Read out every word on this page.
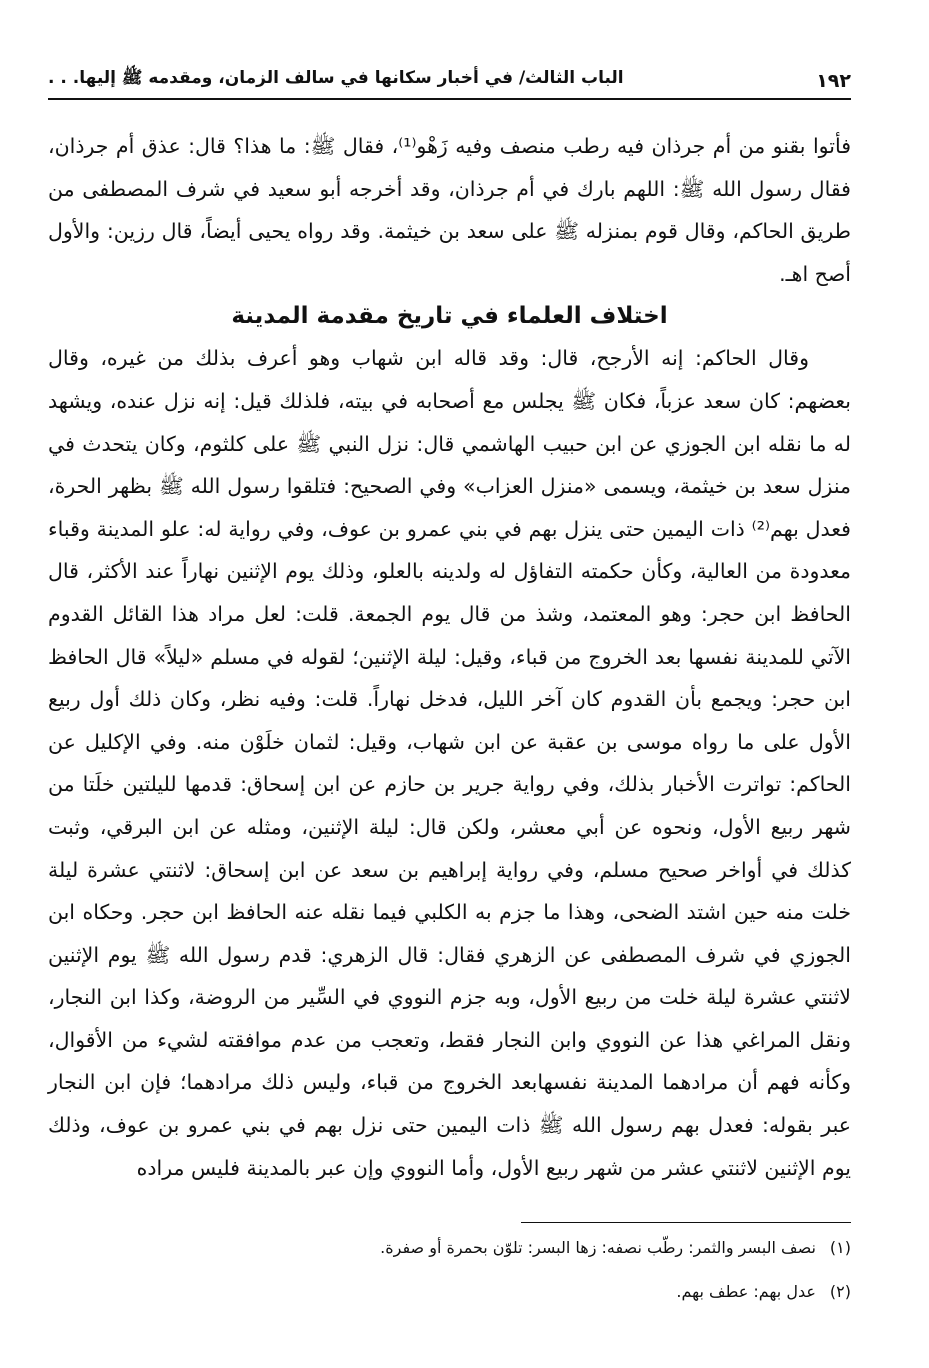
١٩٢
الباب الثالث/ في أخبار سكانها في سالف الزمان، ومقدمه ﷺ إليها. . .

فأتوا بقنو من أم جرذان فيه رطب منصف وفيه زَهْو⁽¹⁾، فقال ﷺ: ما هذا؟ قال: عذق أم جرذان، فقال رسول الله ﷺ: اللهم بارك في أم جرذان، وقد أخرجه أبو سعيد في شرف المصطفى من طريق الحاكم، وقال قوم بمنزله ﷺ على سعد بن خيثمة. وقد رواه يحيى أيضاً، قال رزين: والأول أصح اهـ.

اختلاف العلماء في تاريخ مقدمة المدينة

وقال الحاكم: إنه الأرجح، قال: وقد قاله ابن شهاب وهو أعرف بذلك من غيره، وقال بعضهم: كان سعد عزباً، فكان ﷺ يجلس مع أصحابه في بيته، فلذلك قيل: إنه نزل عنده، ويشهد له ما نقله ابن الجوزي عن ابن حبيب الهاشمي قال: نزل النبي ﷺ على كلثوم، وكان يتحدث في منزل سعد بن خيثمة، ويسمى «منزل العزاب» وفي الصحيح: فتلقوا رسول الله ﷺ بظهر الحرة، فعدل بهم⁽²⁾ ذات اليمين حتى ينزل بهم في بني عمرو بن عوف، وفي رواية له: علو المدينة وقباء معدودة من العالية، وكأن حكمته التفاؤل له ولدينه بالعلو، وذلك يوم الإثنين نهاراً عند الأكثر، قال الحافظ ابن حجر: وهو المعتمد، وشذ من قال يوم الجمعة. قلت: لعل مراد هذا القائل القدوم الآتي للمدينة نفسها بعد الخروج من قباء، وقيل: ليلة الإثنين؛ لقوله في مسلم «ليلاً» قال الحافظ ابن حجر: ويجمع بأن القدوم كان آخر الليل، فدخل نهاراً. قلت: وفيه نظر، وكان ذلك أول ربيع الأول على ما رواه موسى بن عقبة عن ابن شهاب، وقيل: لثمان خلَوْن منه. وفي الإكليل عن الحاكم: تواترت الأخبار بذلك، وفي رواية جرير بن حازم عن ابن إسحاق: قدمها لليلتين خلَتا من شهر ربيع الأول، ونحوه عن أبي معشر، ولكن قال: ليلة الإثنين، ومثله عن ابن البرقي، وثبت كذلك في أواخر صحيح مسلم، وفي رواية إبراهيم بن سعد عن ابن إسحاق: لاثنتي عشرة ليلة خلت منه حين اشتد الضحى، وهذا ما جزم به الكلبي فيما نقله عنه الحافظ ابن حجر. وحكاه ابن الجوزي في شرف المصطفى عن الزهري فقال: قال الزهري: قدم رسول الله ﷺ يوم الإثنين لاثنتي عشرة ليلة خلت من ربيع الأول، وبه جزم النووي في السِّير من الروضة، وكذا ابن النجار، ونقل المراغي هذا عن النووي وابن النجار فقط، وتعجب من عدم موافقته لشيء من الأقوال، وكأنه فهم أن مرادهما المدينة نفسهابعد الخروج من قباء، وليس ذلك مرادهما؛ فإن ابن النجار عبر بقوله: فعدل بهم رسول الله ﷺ ذات اليمين حتى نزل بهم في بني عمرو بن عوف، وذلك يوم الإثنين لاثنتي عشر من شهر ربيع الأول، وأما النووي وإن عبر بالمدينة فليس مراده

(١)
نصف البسر والثمر: رطّب نصفه: زها البسر: تلوّن بحمرة أو صفرة.
(٢)
عدل بهم: عطف بهم.
